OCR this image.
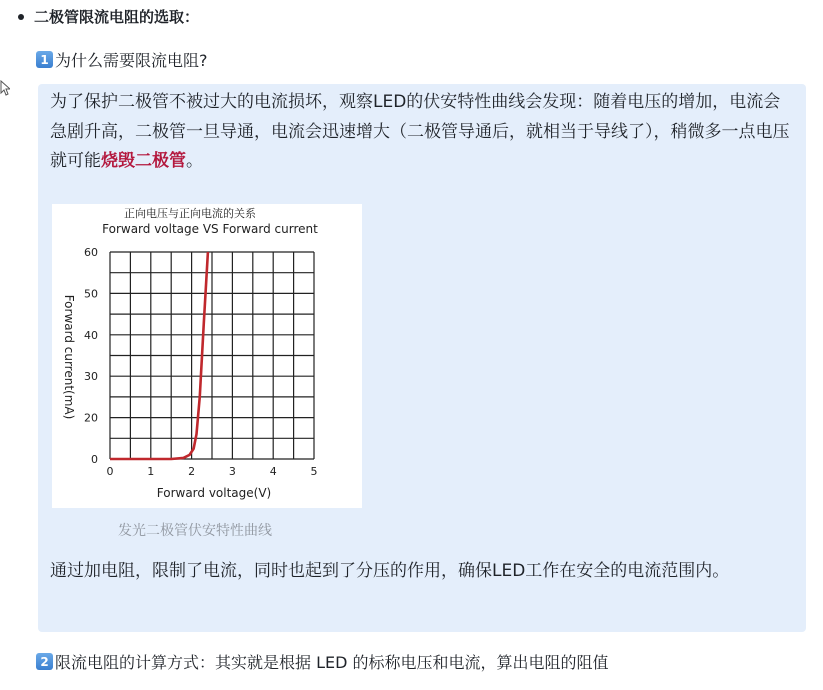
二极管限流电阻的选取：
1 为什么需要限流电阻?
为了保护二极管不被过大的电流损坏，观察LED的伏安特性曲线会发现：随着电压的增加，电流会急剧升高，二极管一旦导通，电流会迅速增大（二极管导通后，就相当于导线了），稍微多一点电压就可能烧毁二极管。
正向电压与正向电流的关系
Forward voltage VS Forward current
Forward voltage(V)
Forward current(mA)
0	1	2	3	4	5
0
20
30
40
50
60
发光二极管伏安特性曲线
通过加电阻，限制了电流，同时也起到了分压的作用，确保LED工作在安全的电流范围内。
2 限流电阻的计算方式：其实就是根据 LED 的标称电压和电流，算出电阻的阻值
